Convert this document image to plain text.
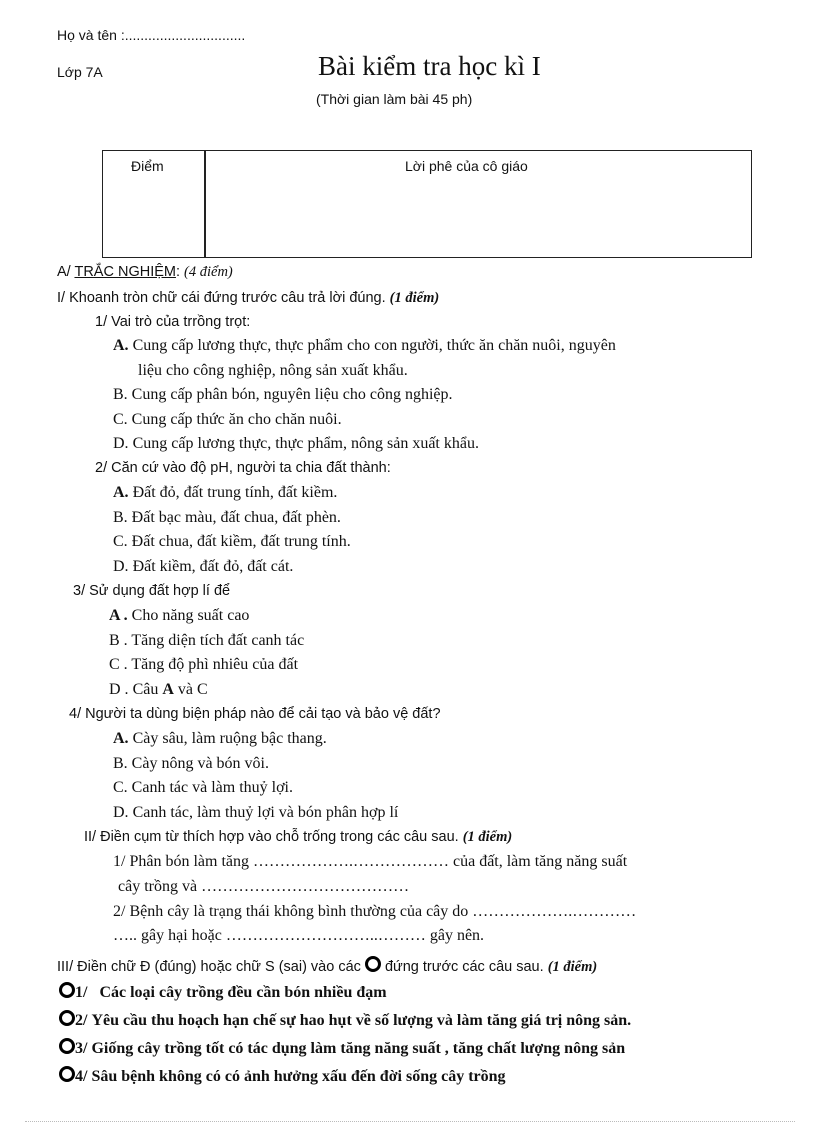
Họ và tên :...............................
Lớp 7A	Bài kiểm tra học kì I
(Thời gian làm bài 45 ph)
Điểm	Lời phê của cô giáo
A/ TRẮC NGHIỆM: (4 điểm)
I/ Khoanh tròn chữ cái đứng trước câu trả lời đúng. (1 điểm)
1/ Vai trò của trrồng trọt:
A. Cung cấp lương thực, thực phẩm cho con người, thức ăn chăn nuôi, nguyên
liệu cho công nghiệp, nông sản xuất khẩu.
B. Cung cấp phân bón, nguyên liệu cho công nghiệp.
C. Cung cấp thức ăn cho chăn nuôi.
D. Cung cấp lương thực, thực phẩm, nông sản xuất khẩu.
2/ Căn cứ vào độ pH, người ta chia đất thành:
A. Đất đỏ, đất trung tính, đất kiềm.
B. Đất bạc màu, đất chua, đất phèn.
C. Đất chua, đất kiềm, đất trung tính.
D. Đất kiềm, đất đỏ, đất cát.
3/ Sử dụng đất hợp lí để
A . Cho năng suất cao
B . Tăng diện tích đất canh tác
C . Tăng độ phì nhiêu của đất
D . Câu A và C
4/ Người ta dùng biện pháp nào để cải tạo và bảo vệ đất?
A. Cày sâu, làm ruộng bậc thang.
B. Cày nông và bón vôi.
C. Canh tác và làm thuỷ lợi.
D. Canh tác, làm thuỷ lợi và bón phân hợp lí
II/ Điền cụm từ thích hợp vào chỗ trống trong các câu sau. (1 điểm)
1/ Phân bón làm tăng ……………….……………… của đất, làm tăng năng suất
cây trồng và …………………………………
2/ Bệnh cây là trạng thái không bình thường của cây do ……………….…………
….. gây hại hoặc ………………………..……… gây nên.
III/ Điền chữ Đ (đúng) hoặc chữ S (sai) vào các  đứng trước các câu sau. (1 điểm)
1/ Các loại cây trồng đều cần bón nhiều đạm
2/ Yêu cầu thu hoạch hạn chế sự hao hụt về số lượng và làm tăng giá trị nông sản.
3/ Giống cây trồng tốt có tác dụng làm tăng năng suất , tăng chất lượng nông sản
4/ Sâu bệnh không có có ảnh hưởng xấu đến đời sống cây trồng
